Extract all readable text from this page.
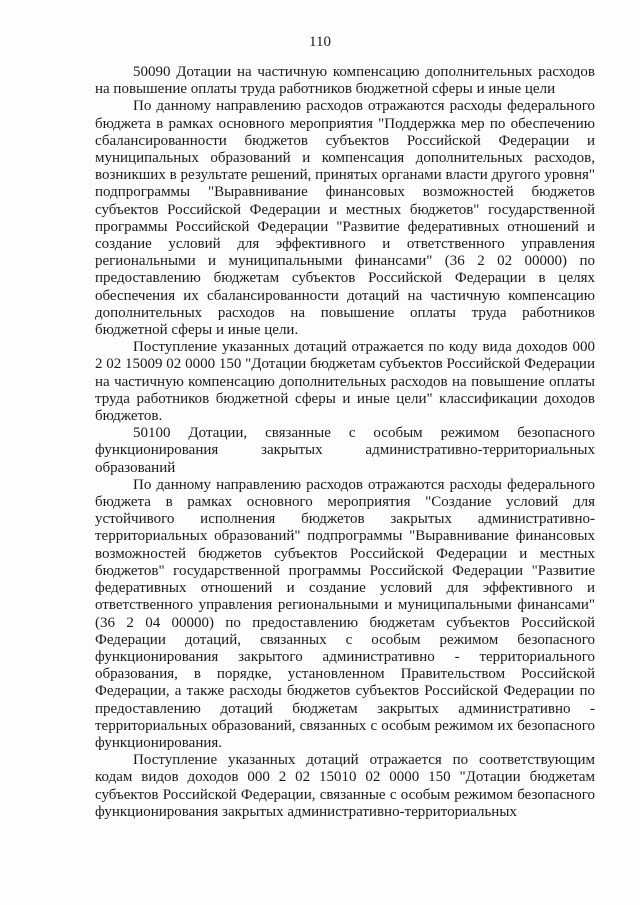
110

50090 Дотации на частичную компенсацию дополнительных расходов на повышение оплаты труда работников бюджетной сферы и иные цели

По данному направлению расходов отражаются расходы федерального бюджета в рамках основного мероприятия "Поддержка мер по обеспечению сбалансированности бюджетов субъектов Российской Федерации и муниципальных образований и компенсация дополнительных расходов, возникших в результате решений, принятых органами власти другого уровня" подпрограммы "Выравнивание финансовых возможностей бюджетов субъектов Российской Федерации и местных бюджетов" государственной программы Российской Федерации "Развитие федеративных отношений и создание условий для эффективного и ответственного управления региональными и муниципальными финансами" (36 2 02 00000) по предоставлению бюджетам субъектов Российской Федерации в целях обеспечения их сбалансированности дотаций на частичную компенсацию дополнительных расходов на повышение оплаты труда работников бюджетной сферы и иные цели.

Поступление указанных дотаций отражается по коду вида доходов 000 2 02 15009 02 0000 150 "Дотации бюджетам субъектов Российской Федерации на частичную компенсацию дополнительных расходов на повышение оплаты труда работников бюджетной сферы и иные цели" классификации доходов бюджетов.

50100 Дотации, связанные с особым режимом безопасного функционирования закрытых административно-территориальных образований

По данному направлению расходов отражаются расходы федерального бюджета в рамках основного мероприятия "Создание условий для устойчивого исполнения бюджетов закрытых административно-территориальных образований" подпрограммы "Выравнивание финансовых возможностей бюджетов субъектов Российской Федерации и местных бюджетов" государственной программы Российской Федерации "Развитие федеративных отношений и создание условий для эффективного и ответственного управления региональными и муниципальными финансами" (36 2 04 00000) по предоставлению бюджетам субъектов Российской Федерации дотаций, связанных с особым режимом безопасного функционирования закрытого административно - территориального образования, в порядке, установленном Правительством Российской Федерации, а также расходы бюджетов субъектов Российской Федерации по предоставлению дотаций бюджетам закрытых административно - территориальных образований, связанных с особым режимом их безопасного функционирования.

Поступление указанных дотаций отражается по соответствующим кодам видов доходов 000 2 02 15010 02 0000 150 "Дотации бюджетам субъектов Российской Федерации, связанные с особым режимом безопасного функционирования закрытых административно-территориальных
